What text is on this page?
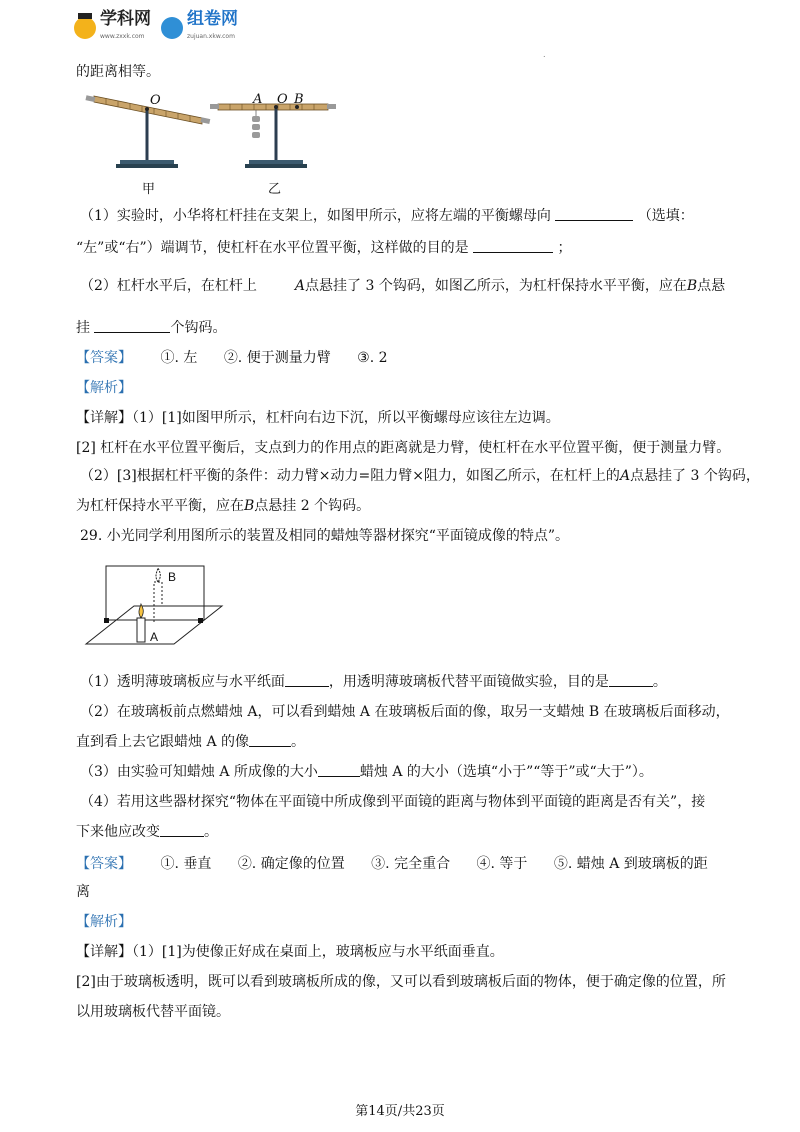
学科网
www.zxxk.com
组卷网
zujuan.xkw.com
.
的距离相等。
O	A O B
甲	乙
（1）实验时，小华将杠杆挂在支架上，如图甲所示，应将左端的平衡螺母向	（选填：
“左”或“右”）端调节，使杠杆在水平位置平衡，这样做的目的是	；
（2）杠杆水平后，在杠杆上	A点悬挂了 3 个钩码，如图乙所示，为杠杆保持水平平衡，应在B点悬
挂	个钩码。
【答案】 ①. 左 ②. 便于测量力臂 ③. 2
【解析】
【详解】（1）[1]如图甲所示，杠杆向右边下沉，所以平衡螺母应该往左边调。
[2] 杠杆在水平位置平衡后，支点到力的作用点的距离就是力臂，使杠杆在水平位置平衡，便于测量力臂。
（2）[3]根据杠杆平衡的条件：动力臂×动力=阻力臂×阻力，如图乙所示，在杠杆上的A点悬挂了 3 个钩码，
为杠杆保持水平平衡，应在B点悬挂 2 个钩码。
29. 小光同学利用图所示的装置及相同的蜡烛等器材探究“平面镜成像的特点”。
B
A
（1）透明薄玻璃板应与水平纸面	，用透明薄玻璃板代替平面镜做实验，目的是	。
（2）在玻璃板前点燃蜡烛 A，可以看到蜡烛 A 在玻璃板后面的像，取另一支蜡烛 B 在玻璃板后面移动，
直到看上去它跟蜡烛 A 的像	。
（3）由实验可知蜡烛 A 所成像的大小	蜡烛 A 的大小（选填“小于”“等于”或“大于”）。
（4）若用这些器材探究“物体在平面镜中所成像到平面镜的距离与物体到平面镜的距离是否有关”，接
下来他应改变	。
【答案】 ①. 垂直 ②. 确定像的位置 ③. 完全重合 ④. 等于 ⑤. 蜡烛 A 到玻璃板的距
离
【解析】
【详解】（1）[1]为使像正好成在桌面上，玻璃板应与水平纸面垂直。
[2]由于玻璃板透明，既可以看到玻璃板所成的像，又可以看到玻璃板后面的物体，便于确定像的位置，所
以用玻璃板代替平面镜。
第14页/共23页
